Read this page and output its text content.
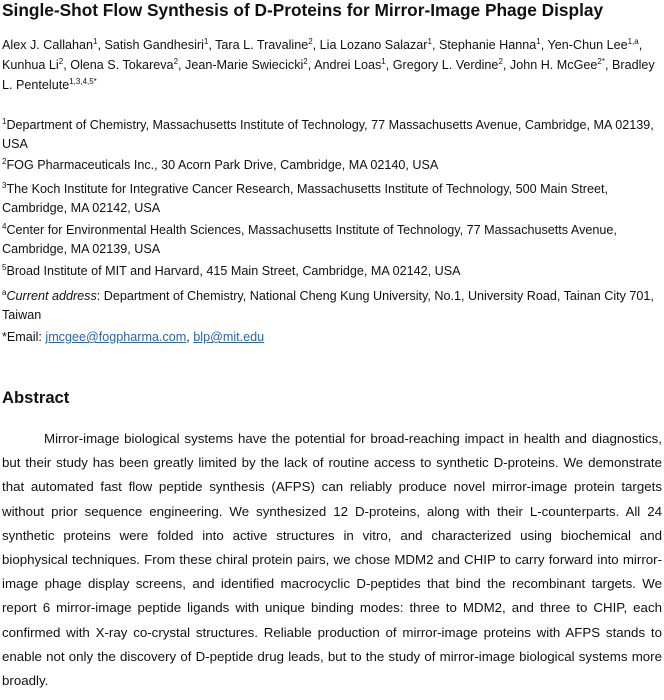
Single-Shot Flow Synthesis of D-Proteins for Mirror-Image Phage Display
Alex J. Callahan$^1$, Satish Gandhesiri$^1$, Tara L. Travaline$^2$, Lia Lozano Salazar$^1$, Stephanie Hanna$^1$, Yen-Chun Lee$^{1,a}$, Kunhua Li$^2$, Olena S. Tokareva$^2$, Jean-Marie Swiecicki$^2$, Andrei Loas$^1$, Gregory L. Verdine$^2$, John H. McGee$^{2*}$, Bradley L. Pentelute$^{1,3,4,5*}$
$^1$Department of Chemistry, Massachusetts Institute of Technology, 77 Massachusetts Avenue, Cambridge, MA 02139, USA
$^2$FOG Pharmaceuticals Inc., 30 Acorn Park Drive, Cambridge, MA 02140, USA
$^3$The Koch Institute for Integrative Cancer Research, Massachusetts Institute of Technology, 500 Main Street, Cambridge, MA 02142, USA
$^4$Center for Environmental Health Sciences, Massachusetts Institute of Technology, 77 Massachusetts Avenue, Cambridge, MA 02139, USA
$^5$Broad Institute of MIT and Harvard, 415 Main Street, Cambridge, MA 02142, USA
$^a$Current address: Department of Chemistry, National Cheng Kung University, No.1, University Road, Tainan City 701, Taiwan
*Email: jmcgee@fogpharma.com, blp@mit.edu
Abstract

Mirror-image biological systems have the potential for broad-reaching impact in health and diagnostics, but their study has been greatly limited by the lack of routine access to synthetic D-proteins. We demonstrate that automated fast flow peptide synthesis (AFPS) can reliably produce novel mirror-image protein targets without prior sequence engineering. We synthesized 12 D-proteins, along with their L-counterparts. All 24 synthetic proteins were folded into active structures in vitro, and characterized using biochemical and biophysical techniques. From these chiral protein pairs, we chose MDM2 and CHIP to carry forward into mirror-image phage display screens, and identified macrocyclic D-peptides that bind the recombinant targets. We report 6 mirror-image peptide ligands with unique binding modes: three to MDM2, and three to CHIP, each confirmed with X-ray co-crystal structures. Reliable production of mirror-image proteins with AFPS stands to enable not only the discovery of D-peptide drug leads, but to the study of mirror-image biological systems more broadly.
